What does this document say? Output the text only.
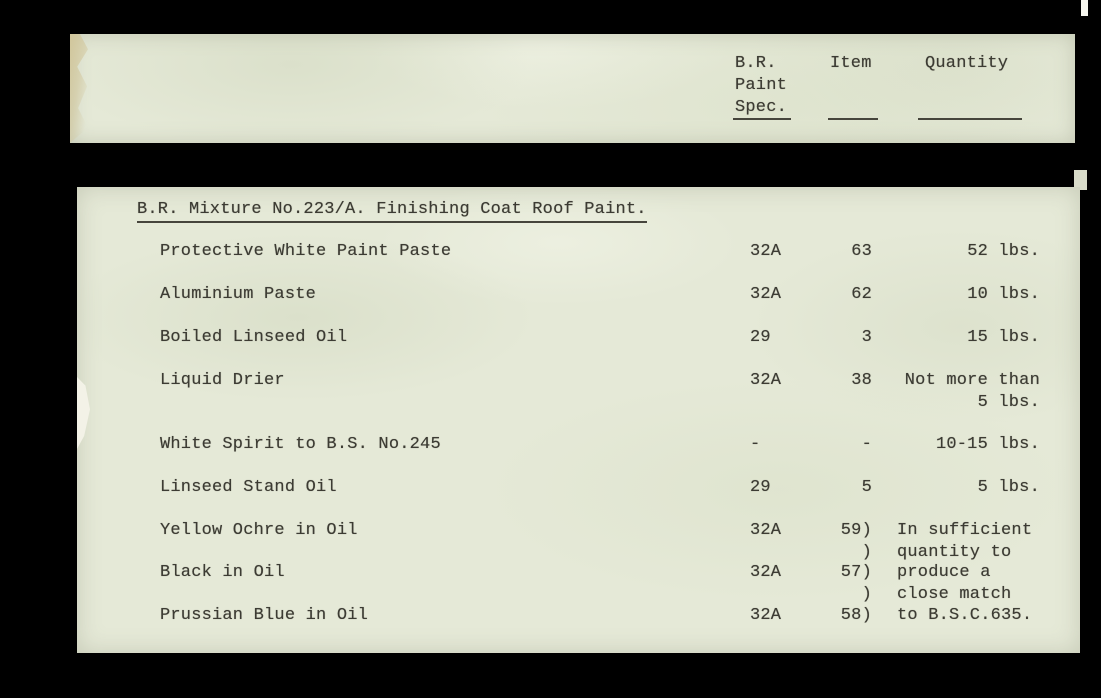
B.R.
Paint
Spec.
Item	Quantity
B.R. Mixture No.223/A. Finishing Coat Roof Paint.
Protective White Paint Paste	32A	63	52 lbs.
Aluminium Paste	32A	62	10 lbs.
Boiled Linseed Oil	29	3	15 lbs.
Liquid Drier	32A	38	Not more than
5 lbs.
White Spirit to B.S. No.245	-	-	10-15 lbs.
Linseed Stand Oil	29	5	5 lbs.
Yellow Ochre in Oil	32A	59) In sufficient
) quantity to
Black in Oil	32A	57) produce a
) close match
Prussian Blue in Oil	32A	58) to B.S.C.635.
